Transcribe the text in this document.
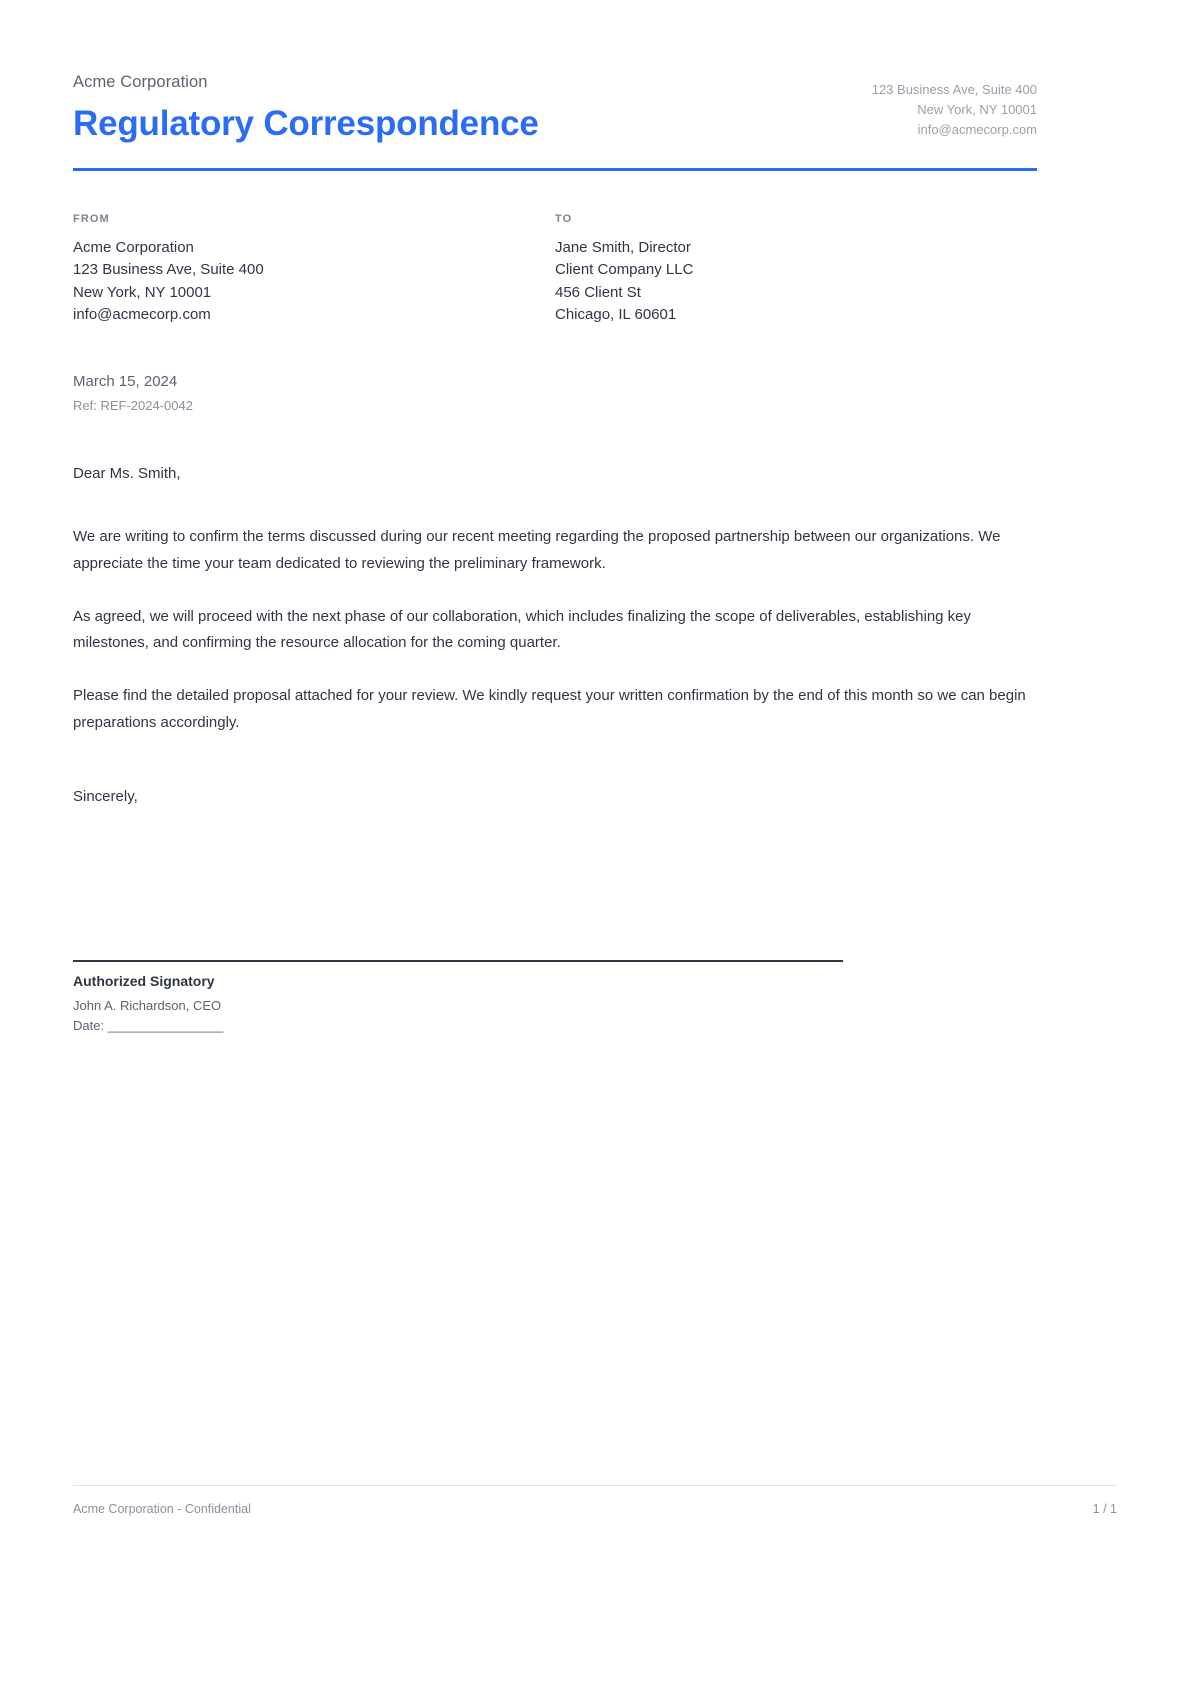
Acme Corporation
Regulatory Correspondence
123 Business Ave, Suite 400
New York, NY 10001
info@acmecorp.com
FROM
Acme Corporation
123 Business Ave, Suite 400
New York, NY 10001
info@acmecorp.com
TO
Jane Smith, Director
Client Company LLC
456 Client St
Chicago, IL 60601
March 15, 2024
Ref: REF-2024-0042
Dear Ms. Smith,

We are writing to confirm the terms discussed during our recent meeting regarding the proposed partnership between our organizations. We appreciate the time your team dedicated to reviewing the preliminary framework.

As agreed, we will proceed with the next phase of our collaboration, which includes finalizing the scope of deliverables, establishing key milestones, and confirming the resource allocation for the coming quarter.

Please find the detailed proposal attached for your review. We kindly request your written confirmation by the end of this month so we can begin preparations accordingly.

Sincerely,
Authorized Signatory
John A. Richardson, CEO
Date: ________________
Acme Corporation - Confidential	1 / 1
